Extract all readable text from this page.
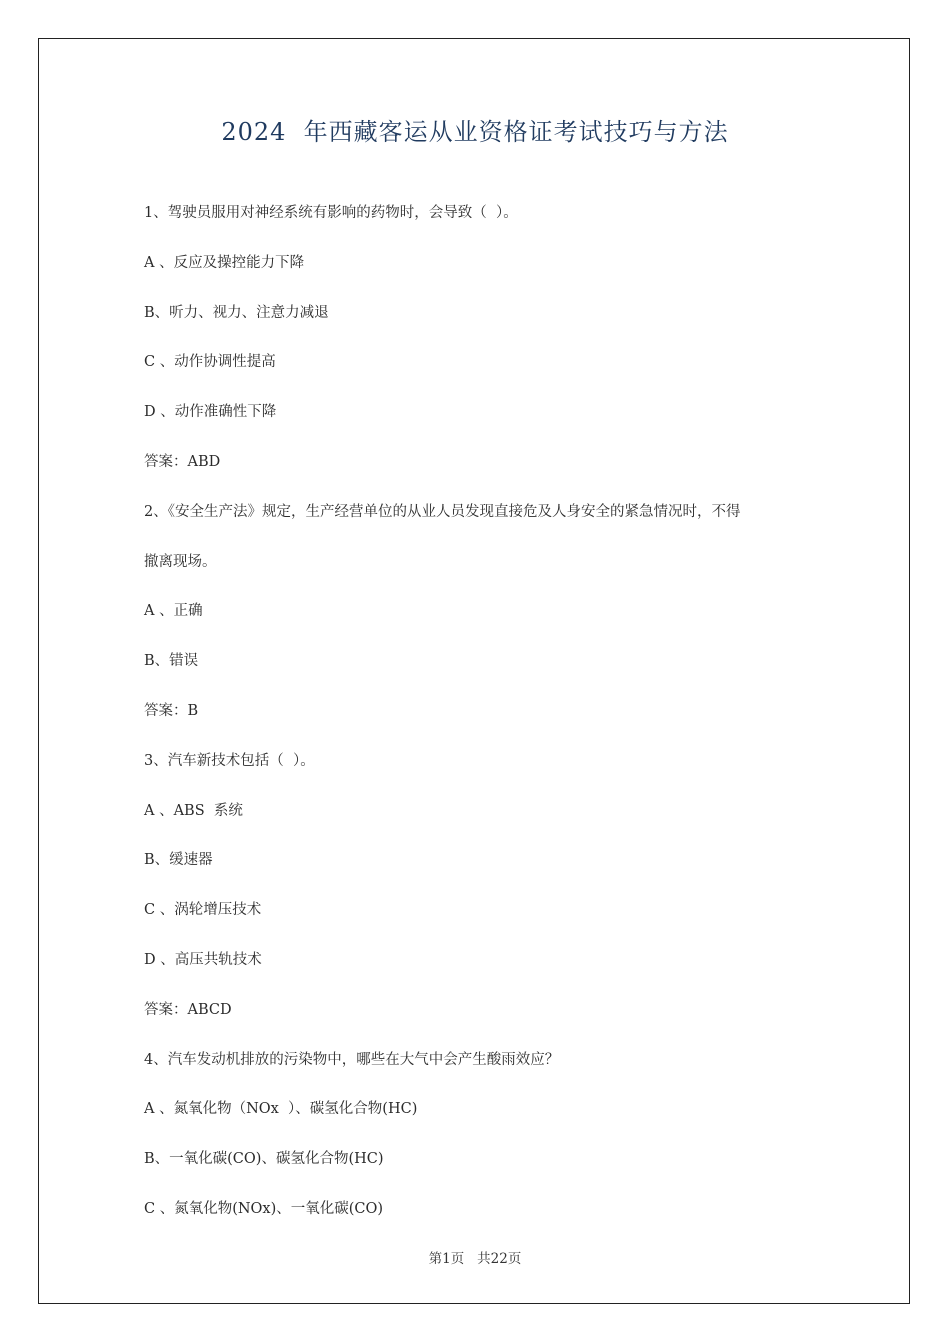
2024  年西藏客运从业资格证考试技巧与方法
1、驾驶员服用对神经系统有影响的药物时，会导致（  ）。
A 、反应及操控能力下降
B、听力、视力、注意力减退
C 、动作协调性提高
D 、动作准确性下降
答案：ABD
2、《安全生产法》规定，生产经营单位的从业人员发现直接危及人身安全的紧急情况时，不得
撤离现场。
A 、正确
B、错误
答案：B
3、汽车新技术包括（  ）。
A 、ABS  系统
B、缓速器
C 、涡轮增压技术
D 、高压共轨技术
答案：ABCD
4、汽车发动机排放的污染物中，哪些在大气中会产生酸雨效应？
A 、氮氧化物（NOx  ）、碳氢化合物(HC)
B、一氧化碳(CO)、碳氢化合物(HC)
C 、氮氧化物(NOx)、一氧化碳(CO)
第1页   共22页
